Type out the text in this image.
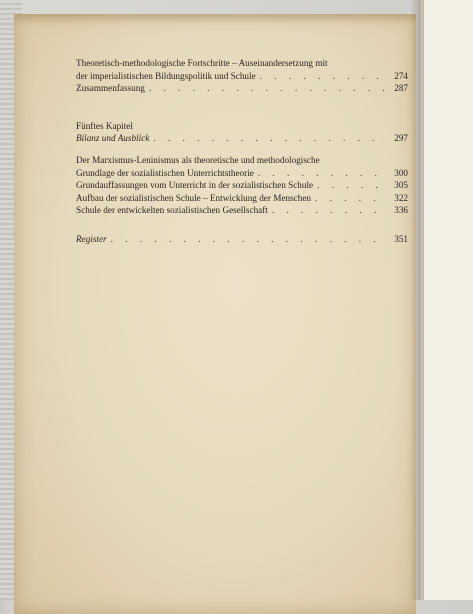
Theoretisch-methodologische Fortschritte – Auseinandersetzung mit
der imperialistischen Bildungspolitik und Schule . . .	274
Zusammenfassung . . .	287
Fünftes Kapitel
Bilanz und Ausblick . . .	297
Der Marxismus-Leninismus als theoretische und methodologische
Grundlage der sozialistischen Unterrichtstheorie . . .	300
Grundauffassungen vom Unterricht in der sozialistischen Schule . . .	305
Aufbau der sozialistischen Schule – Entwicklung der Menschen . . .	322
Schule der entwickelten sozialistischen Gesellschaft . . .	336
Register . . .	351
